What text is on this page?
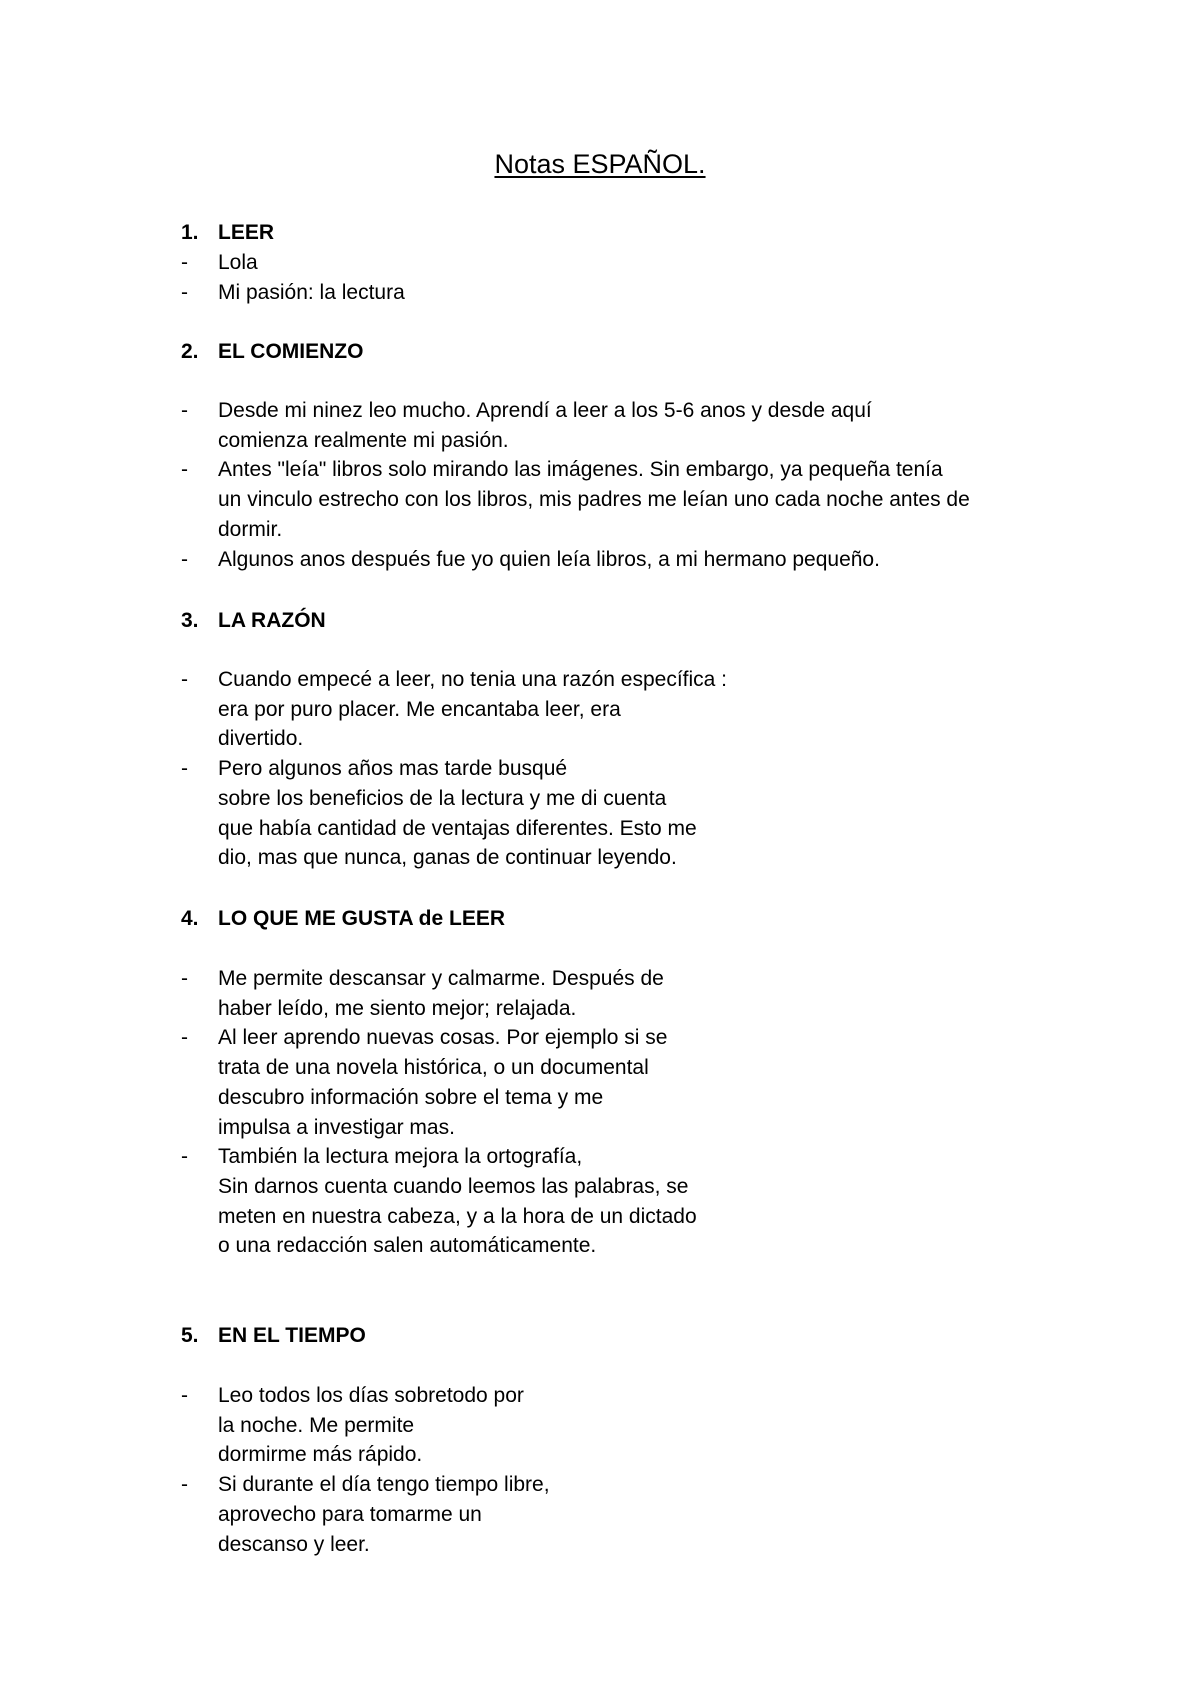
Notas ESPAÑOL.
1. LEER
- Lola
- Mi pasión: la lectura
2. EL COMIENZO
- Desde mi ninez leo mucho. Aprendí a leer a los 5-6 anos y desde aquí
comienza realmente mi pasión.
- Antes "leía" libros solo mirando las imágenes. Sin embargo, ya pequeña tenía
un vinculo estrecho con los libros, mis padres me leían uno cada noche antes de
dormir.
- Algunos anos después fue yo quien leía libros, a mi hermano pequeño.
3. LA RAZÓN
- Cuando empecé a leer, no tenia una razón específica :
era por puro placer. Me encantaba leer, era
divertido.
- Pero algunos años mas tarde busqué
sobre los beneficios de la lectura y me di cuenta
que había cantidad de ventajas diferentes. Esto me
dio, mas que nunca, ganas de continuar leyendo.
4. LO QUE ME GUSTA de LEER
- Me permite descansar y calmarme. Después de
haber leído, me siento mejor; relajada.
- Al leer aprendo nuevas cosas. Por ejemplo si se
trata de una novela histórica, o un documental
descubro información sobre el tema y me
impulsa a investigar mas.
- También la lectura mejora la ortografía,
Sin darnos cuenta cuando leemos las palabras, se
meten en nuestra cabeza, y a la hora de un dictado
o una redacción salen automáticamente.
5. EN EL TIEMPO
- Leo todos los días sobretodo por
la noche. Me permite
dormirme más rápido.
- Si durante el día tengo tiempo libre,
aprovecho para tomarme un
descanso y leer.
